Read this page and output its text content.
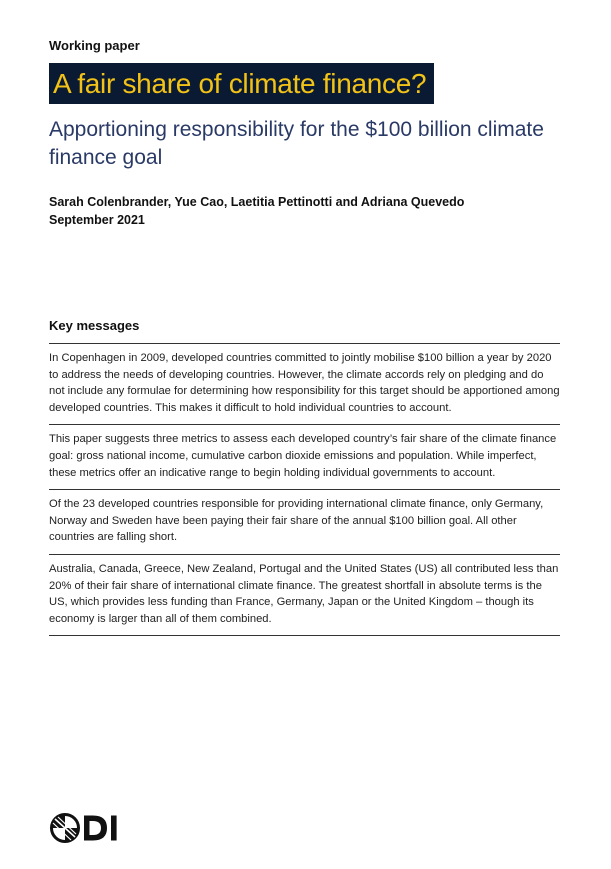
Working paper
A fair share of climate finance?
Apportioning responsibility for the $100 billion climate finance goal
Sarah Colenbrander, Yue Cao, Laetitia Pettinotti and Adriana Quevedo
September 2021
Key messages
In Copenhagen in 2009, developed countries committed to jointly mobilise $100 billion a year by 2020 to address the needs of developing countries. However, the climate accords rely on pledging and do not include any formulae for determining how responsibility for this target should be apportioned among developed countries. This makes it difficult to hold individual countries to account.
This paper suggests three metrics to assess each developed country’s fair share of the climate finance goal: gross national income, cumulative carbon dioxide emissions and population. While imperfect, these metrics offer an indicative range to begin holding individual governments to account.
Of the 23 developed countries responsible for providing international climate finance, only Germany, Norway and Sweden have been paying their fair share of the annual $100 billion goal. All other countries are falling short.
Australia, Canada, Greece, New Zealand, Portugal and the United States (US) all contributed less than 20% of their fair share of international climate finance. The greatest shortfall in absolute terms is the US, which provides less funding than France, Germany, Japan or the United Kingdom – though its economy is larger than all of them combined.
